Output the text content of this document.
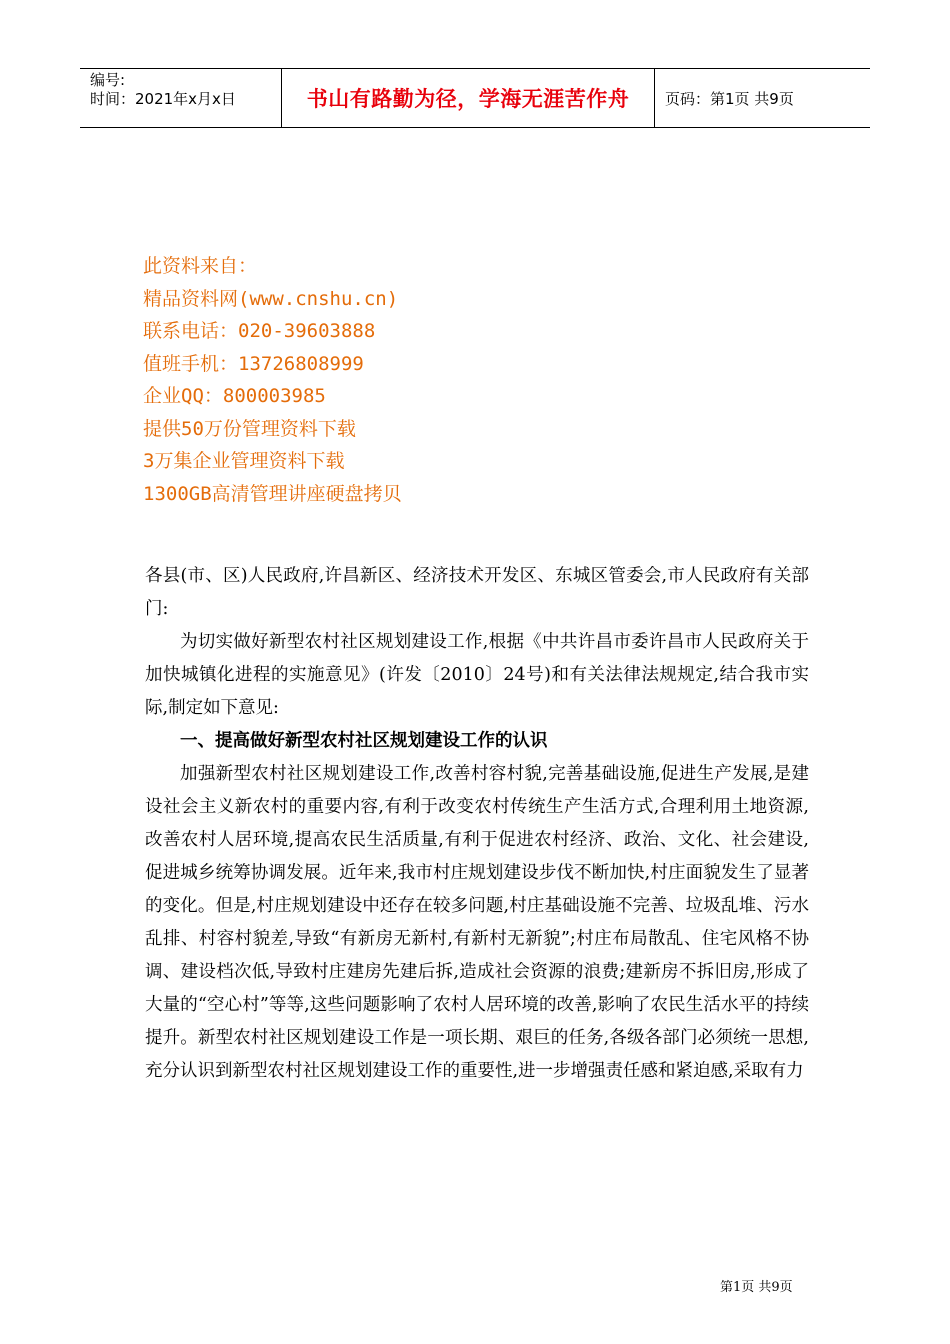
编号:
时间：2021年x月x日	书山有路勤为径，学海无涯苦作舟	页码：第1页 共9页
此资料来自：
精品资料网(www.cnshu.cn)
联系电话：020-39603888
值班手机：13726808999
企业QQ：800003985
提供50万份管理资料下载
3万集企业管理资料下载
1300GB高清管理讲座硬盘拷贝

各县(市、区)人民政府,许昌新区、经济技术开发区、东城区管委会,市人民政府有关部门:

为切实做好新型农村社区规划建设工作,根据《中共许昌市委许昌市人民政府关于加快城镇化进程的实施意见》(许发〔2010〕24号)和有关法律法规规定,结合我市实际,制定如下意见:

一、提高做好新型农村社区规划建设工作的认识

加强新型农村社区规划建设工作,改善村容村貌,完善基础设施,促进生产发展,是建设社会主义新农村的重要内容,有利于改变农村传统生产生活方式,合理利用土地资源,改善农村人居环境,提高农民生活质量,有利于促进农村经济、政治、文化、社会建设,促进城乡统筹协调发展。近年来,我市村庄规划建设步伐不断加快,村庄面貌发生了显著的变化。但是,村庄规划建设中还存在较多问题,村庄基础设施不完善、垃圾乱堆、污水乱排、村容村貌差,导致“有新房无新村,有新村无新貌”;村庄布局散乱、住宅风格不协调、建设档次低,导致村庄建房先建后拆,造成社会资源的浪费;建新房不拆旧房,形成了大量的“空心村”等等,这些问题影响了农村人居环境的改善,影响了农民生活水平的持续提升。新型农村社区规划建设工作是一项长期、艰巨的任务,各级各部门必须统一思想,充分认识到新型农村社区规划建设工作的重要性,进一步增强责任感和紧迫感,采取有力

第1页 共9页
